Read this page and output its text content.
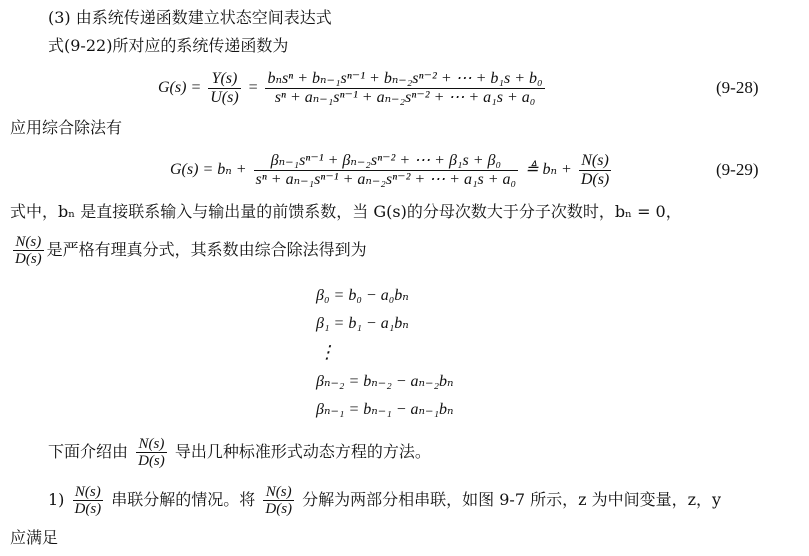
(3) 由系统传递函数建立状态空间表达式
式(9-22)所对应的系统传递函数为
$G(s) = \frac{Y(s)}{U(s)} = \frac{\text{bₙsⁿ + bₙ₋₁sⁿ⁻¹ + bₙ₋₂sⁿ⁻² + ⋯ + b₁s + b₀}}{\text{sⁿ + aₙ₋₁sⁿ⁻¹ + aₙ₋₂sⁿ⁻² + ⋯ + a₁s + a₀}}$	(9-28)
应用综合除法有
$G(s) = b_n + \frac{\text{βₙ₋₁sⁿ⁻¹ + βₙ₋₂sⁿ⁻² + ⋯ + β₁s + β₀}}{\text{sⁿ + aₙ₋₁sⁿ⁻¹ + aₙ₋₂sⁿ⁻² + ⋯ + a₁s + a₀}}$ ≜ $b_n + \frac{N(s)}{D(s)}$	(9-29)
式中，bₙ 是直接联系输入与输出量的前馈系数，当 G(s)的分母次数大于分子次数时，bₙ = 0，
$\frac{N(s)}{D(s)}$ 是严格有理真分式，其系数由综合除法得到为
β₀ = b₀ − a₀bₙ
β₁ = b₁ − a₁bₙ
⋮
βₙ₋₂ = bₙ₋₂ − aₙ₋₂bₙ
βₙ₋₁ = bₙ₋₁ − aₙ₋₁bₙ
下面介绍由 $\frac{N(s)}{D(s)}$ 导出几种标准形式动态方程的方法。
$1) \frac{N(s)}{D(s)}$ 串联分解的情况。将 $\frac{N(s)}{D(s)}$ 分解为两部分相串联，如图 9-7 所示，z 为中间变量，z，y
应满足
